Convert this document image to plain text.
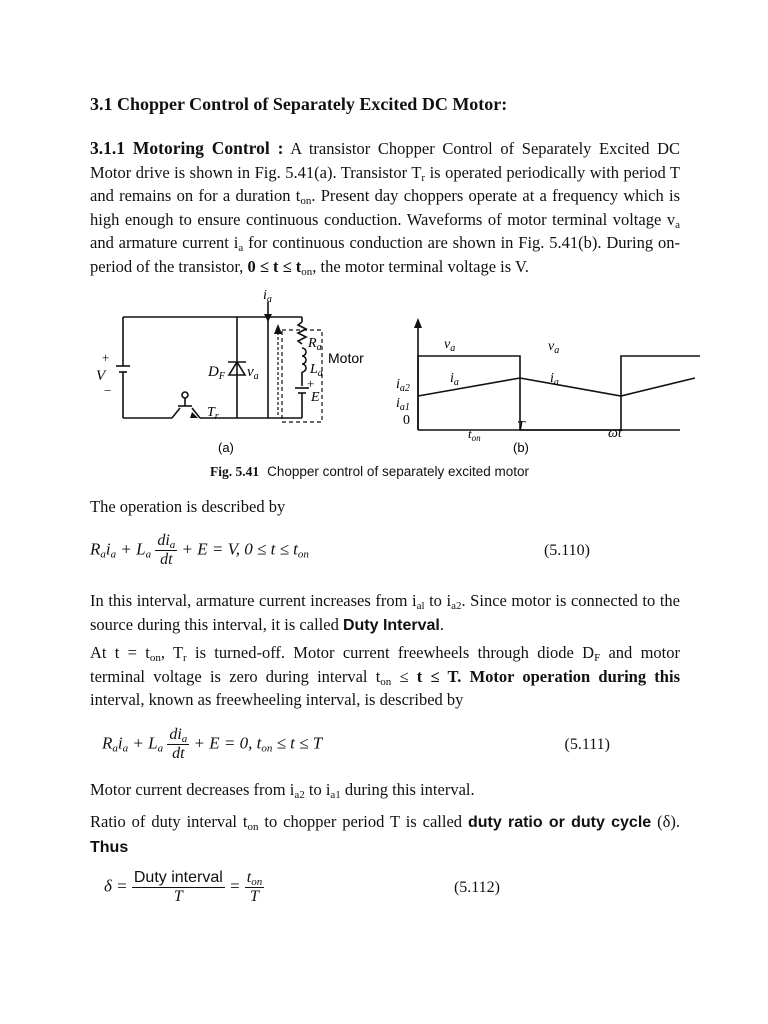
3.1 Chopper Control of Separately Excited DC Motor:

3.1.1 Motoring Control : A transistor Chopper Control of Separately Excited DC Motor drive is shown in Fig. 5.41(a). Transistor $T_r$ is operated periodically with period T and remains on for a duration $t_{on}$. Present day choppers operate at a frequency which is high enough to ensure continuous conduction. Waveforms of motor terminal voltage $v_a$ and armature current $i_a$ for continuous conduction are shown in Fig. 5.41(b). During on-period of the transistor, $0 \le t \le t_{on}$, the motor terminal voltage is V.

$i_a$
+
V
−
$D_F$ $v_a$
$R_a$
$L_a$
+
E
Motor
$T_r$
(a)
$v_a$	$v_a$
$i_a$	$i_a$
$i_{a2}$
$i_{a1}$
0
$t_{on}$
T	ωt
(b)
Fig. 5.41 Chopper control of separately excited motor

The operation is described by

$R_ai_a + L_a \frac{di_a}{dt} + E = V$, $0 \le t \le t_{on}$	(5.110)

In this interval, armature current increases from $i_{al}$ to $i_{a2}$. Since motor is connected to the source during this interval, it is called Duty Interval.

At $t = t_{on}$, $T_r$ is turned-off. Motor current freewheels through diode $D_F$ and motor terminal voltage is zero during interval $t_{on} \le t \le T$. Motor operation during this interval, known as freewheeling interval, is described by

$R_ai_a + L_a \frac{di_a}{dt} + E = 0$, $t_{on} \le t \le T$	(5.111)

Motor current decreases from $i_{a2}$ to $i_{a1}$ during this interval.

Ratio of duty interval $t_{on}$ to chopper period T is called duty ratio or duty cycle (δ). Thus

$\delta = \frac{\text{Duty interval}}{T} = \frac{t_{on}}{T}$	(5.112)
